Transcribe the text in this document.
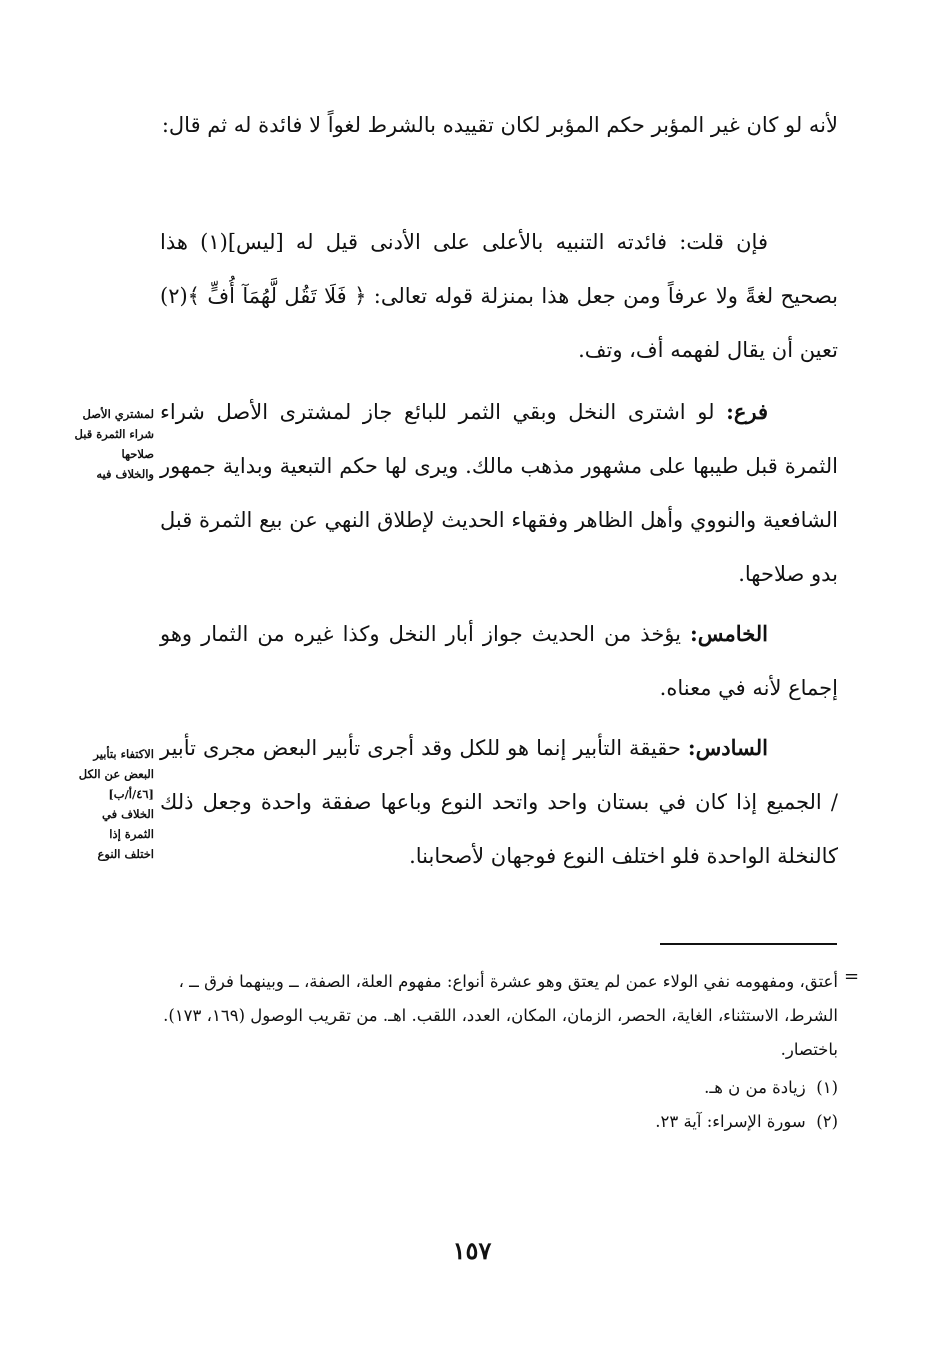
لأنه لو كان غير المؤبر حكم المؤبر لكان تقييده بالشرط لغواً لا فائدة له ثم قال:

فإن قلت: فائدته التنبيه بالأعلى على الأدنى قيل له [ليس](١) هذا بصحيح لغةً ولا عرفاً ومن جعل هذا بمنزلة قوله تعالى: ﴿ فَلَا تَقُل لَّهُمَآ أُفٍّ ﴾(٢) تعين أن يقال لفهمه أف، وتف.

فرع: لو اشترى النخل وبقي الثمر للبائع جاز لمشترى الأصل شراء الثمرة قبل طيبها على مشهور مذهب مالك. ويرى لها حكم التبعية وبداية جمهور الشافعية والنووي وأهل الظاهر وفقهاء الحديث لإطلاق النهي عن بيع الثمرة قبل بدو صلاحها.

الخامس: يؤخذ من الحديث جواز أبار النخل وكذا غيره من الثمار وهو إجماع لأنه في معناه.

السادس: حقيقة التأبير إنما هو للكل وقد أجرى تأبير البعض مجرى تأبير / الجميع إذا كان في بستان واحد واتحد النوع وباعها صفقة واحدة وجعل ذلك كالنخلة الواحدة فلو اختلف النوع فوجهان لأصحابنا.

لمشتري الأصل
شراء الثمرة قبل
صلاحها
والخلاف فيه
الاكتفاء بتأبير
البعض عن الكل
[٤٦/أ/ب]
الخلاف في
الثمرة إذا
اختلف النوع
=

أعتق، ومفهومه نفي الولاء عمن لم يعتق وهو عشرة أنواع: مفهوم العلة، الصفة، ــ وبينهما فرق ــ ، الشرط، الاستثناء، الغاية، الحصر، الزمان، المكان، العدد، اللقب. اهـ. من تقريب الوصول (١٦٩، ١٧٣). باختصار.

(١)  زيادة من ن هـ.

(٢)  سورة الإسراء: آية ٢٣.

١٥٧
